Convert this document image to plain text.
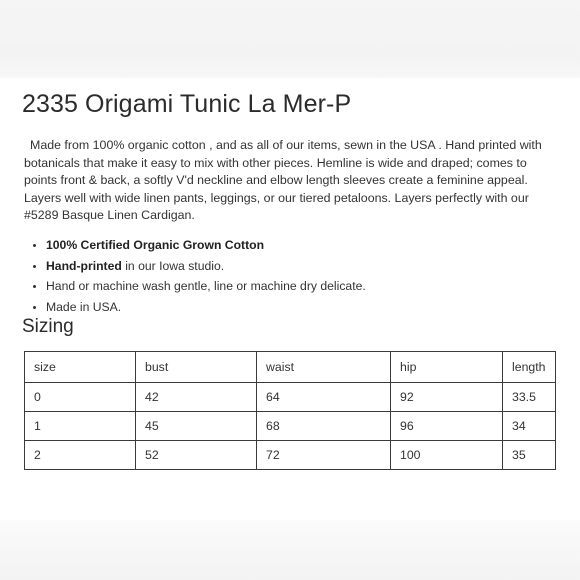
2335 Origami Tunic La Mer-P

Made from 100% organic cotton , and as all of our items, sewn in the USA . Hand printed with botanicals that make it easy to mix with other pieces. Hemline is wide and draped; comes to points front & back, a softly V'd neckline and elbow length sleeves create a feminine appeal. Layers well with wide linen pants, leggings, or our tiered petaloons. Layers perfectly with our #5289 Basque Linen Cardigan.

• 100% Certified Organic Grown Cotton
• Hand-printed in our Iowa studio.
• Hand or machine wash gentle, line or machine dry delicate.
• Made in USA.
Sizing
size	bust	waist	hip	length
0	42	64	92	33.5
1	45	68	96	34
2	52	72	100	35
